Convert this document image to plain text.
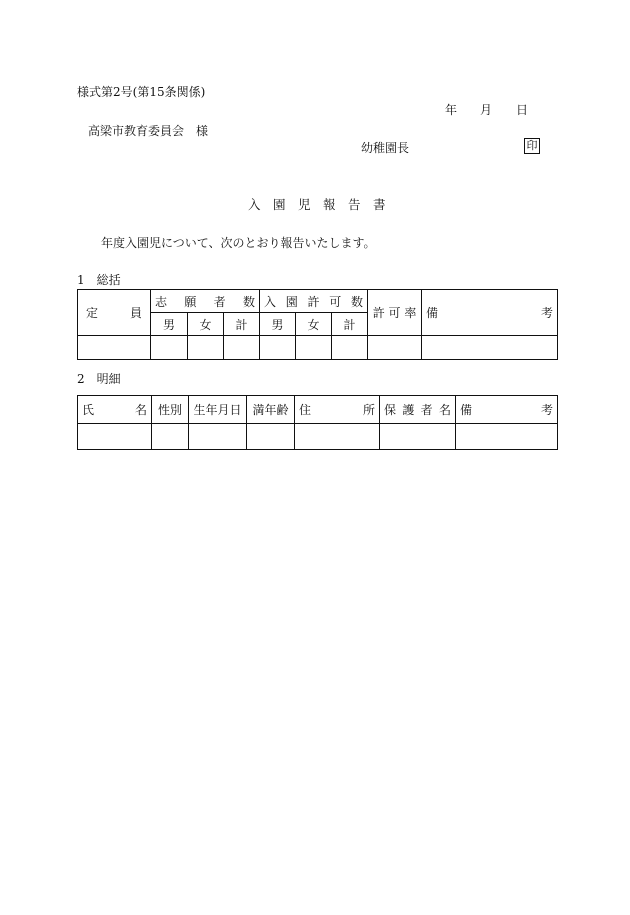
様式第2号(第15条関係)
年 月 日
高梁市教育委員会　様
幼稚園長	印
入　園　児　報　告　書
年度入園児について、次のとおり報告いたします。
1　総括
定 員	志 願 者 数			入 園 許 可 数			許 可 率	備 考

	男	女	計	男	女	計		

2　明細
氏 名	性別	生年月日	満年齢	住 所	保 護 者 名	備 考
